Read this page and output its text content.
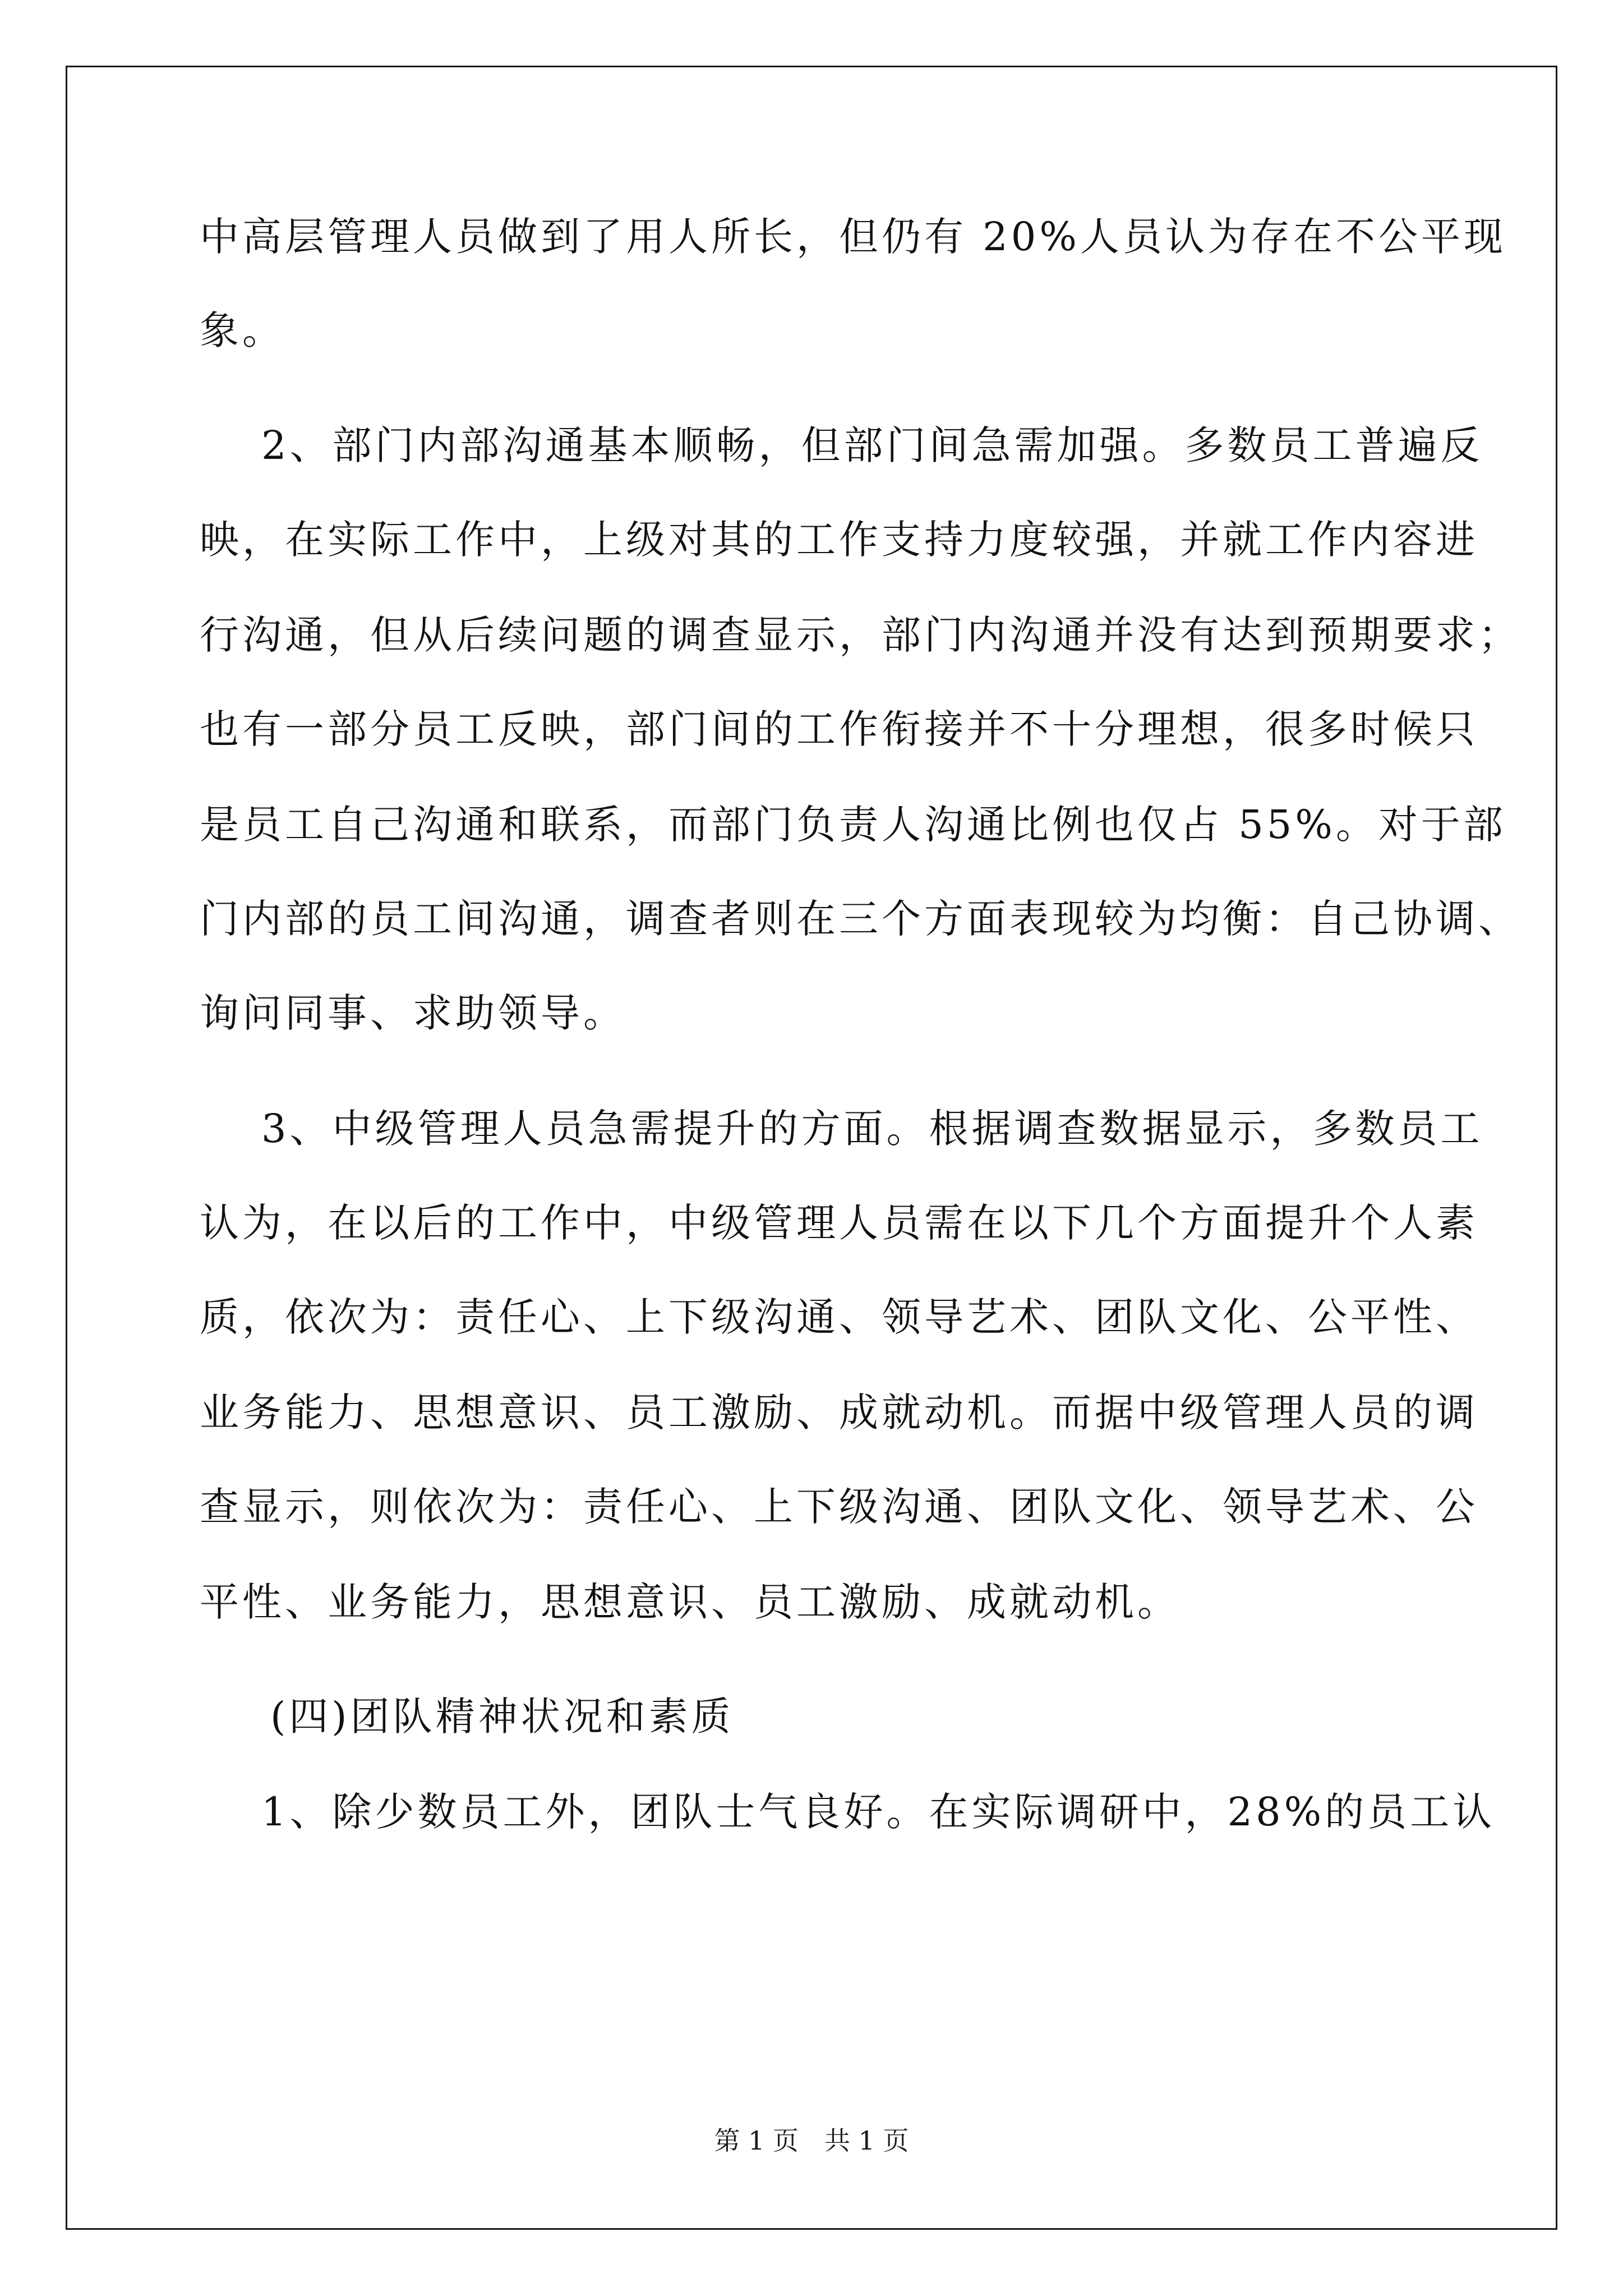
中高层管理人员做到了用人所长，但仍有 20%人员认为存在不公平现
象。
2、部门内部沟通基本顺畅，但部门间急需加强。多数员工普遍反
映，在实际工作中，上级对其的工作支持力度较强，并就工作内容进
行沟通，但从后续问题的调查显示，部门内沟通并没有达到预期要求；
也有一部分员工反映，部门间的工作衔接并不十分理想，很多时候只
是员工自己沟通和联系，而部门负责人沟通比例也仅占 55%。对于部
门内部的员工间沟通，调查者则在三个方面表现较为均衡：自己协调、
询问同事、求助领导。
3、中级管理人员急需提升的方面。根据调查数据显示，多数员工
认为，在以后的工作中，中级管理人员需在以下几个方面提升个人素
质，依次为：责任心、上下级沟通、领导艺术、团队文化、公平性、
业务能力、思想意识、员工激励、成就动机。而据中级管理人员的调
查显示，则依次为：责任心、上下级沟通、团队文化、领导艺术、公
平性、业务能力，思想意识、员工激励、成就动机。
(四)团队精神状况和素质
1、除少数员工外，团队士气良好。在实际调研中，28%的员工认
第 1 页　共 1 页
